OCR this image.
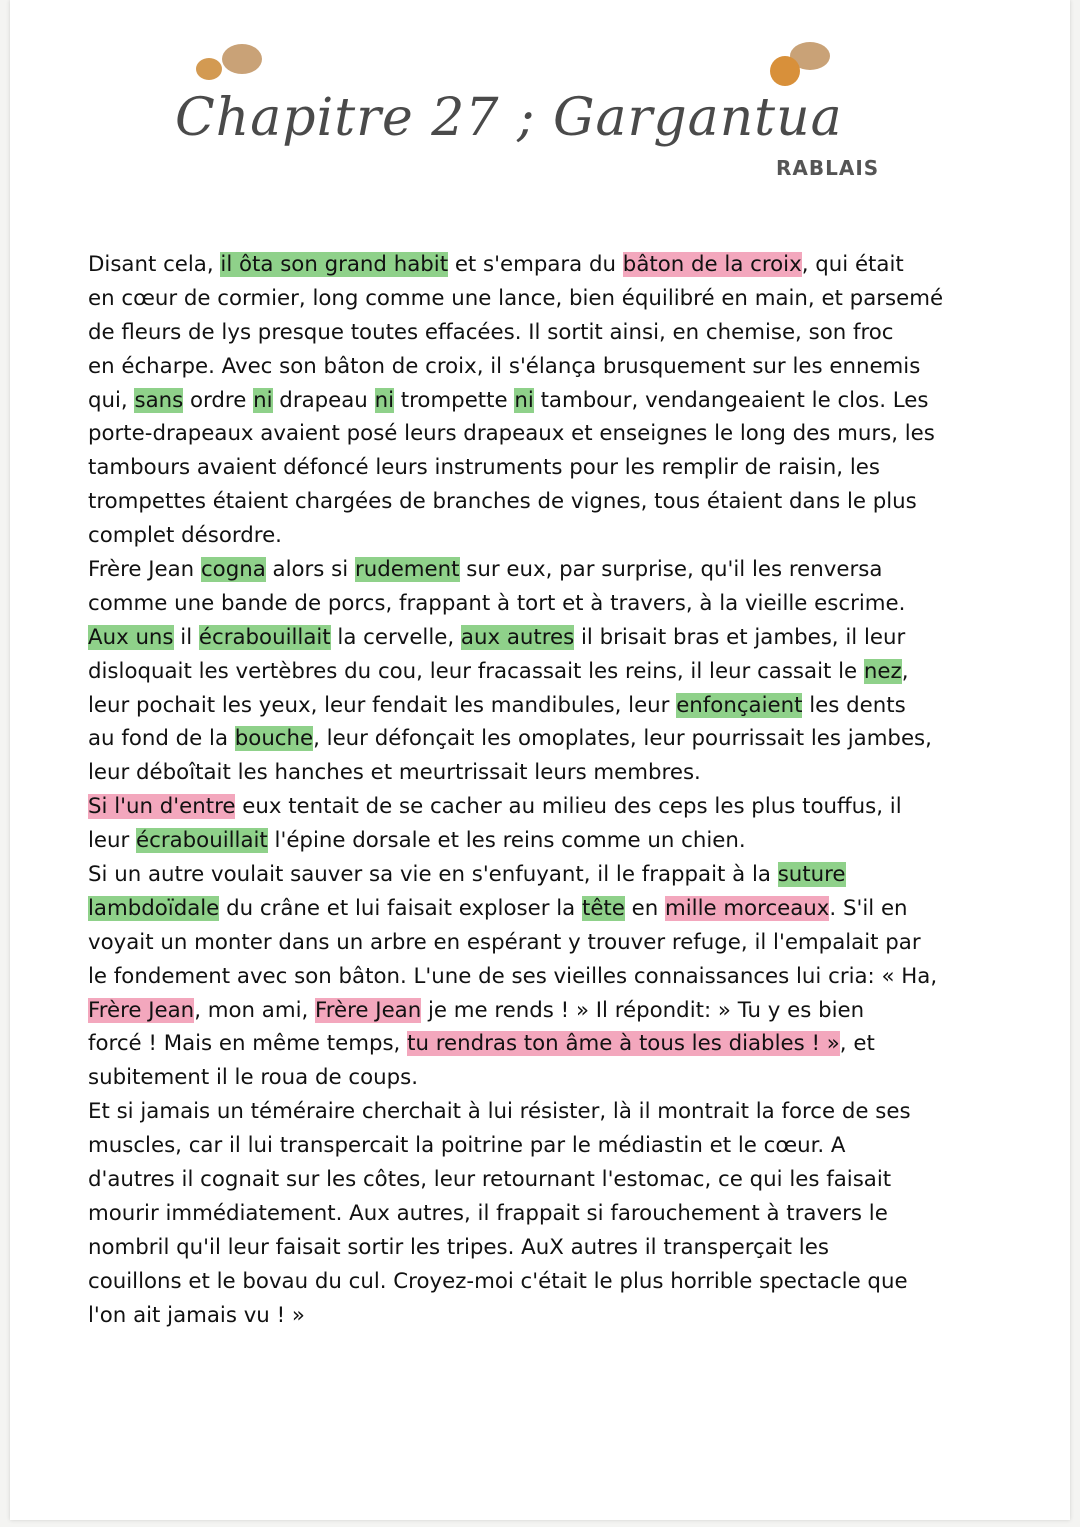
Chapitre 27 ; Gargantua
RABLAIS
Disant cela, il ôta son grand habit et s'empara du bâton de la croix, qui était
en cœur de cormier, long comme une lance, bien équilibré en main, et parsemé
de fleurs de lys presque toutes effacées. Il sortit ainsi, en chemise, son froc
en écharpe. Avec son bâton de croix, il s'élança brusquement sur les ennemis
qui, sans ordre ni drapeau ni trompette ni tambour, vendangeaient le clos. Les
porte-drapeaux avaient posé leurs drapeaux et enseignes le long des murs, les
tambours avaient défoncé leurs instruments pour les remplir de raisin, les
trompettes étaient chargées de branches de vignes, tous étaient dans le plus
complet désordre.
Frère Jean cogna alors si rudement sur eux, par surprise, qu'il les renversa
comme une bande de porcs, frappant à tort et à travers, à la vieille escrime.
Aux uns il écrabouillait la cervelle, aux autres il brisait bras et jambes, il leur
disloquait les vertèbres du cou, leur fracassait les reins, il leur cassait le nez,
leur pochait les yeux, leur fendait les mandibules, leur enfonçaient les dents
au fond de la bouche, leur défonçait les omoplates, leur pourrissait les jambes,
leur déboîtait les hanches et meurtrissait leurs membres.
Si l'un d'entre eux tentait de se cacher au milieu des ceps les plus touffus, il
leur écrabouillait l'épine dorsale et les reins comme un chien.
Si un autre voulait sauver sa vie en s'enfuyant, il le frappait à la suture
lambdoïdale du crâne et lui faisait exploser la tête en mille morceaux. S'il en
voyait un monter dans un arbre en espérant y trouver refuge, il l'empalait par
le fondement avec son bâton. L'une de ses vieilles connaissances lui cria: « Ha,
Frère Jean, mon ami, Frère Jean je me rends ! » Il répondit: » Tu y es bien
forcé ! Mais en même temps, tu rendras ton âme à tous les diables ! », et
subitement il le roua de coups.
Et si jamais un téméraire cherchait à lui résister, là il montrait la force de ses
muscles, car il lui transpercait la poitrine par le médiastin et le cœur. A
d'autres il cognait sur les côtes, leur retournant l'estomac, ce qui les faisait
mourir immédiatement. Aux autres, il frappait si farouchement à travers le
nombril qu'il leur faisait sortir les tripes. AuX autres il transperçait les
couillons et le bovau du cul. Croyez-moi c'était le plus horrible spectacle que
l'on ait jamais vu ! »
